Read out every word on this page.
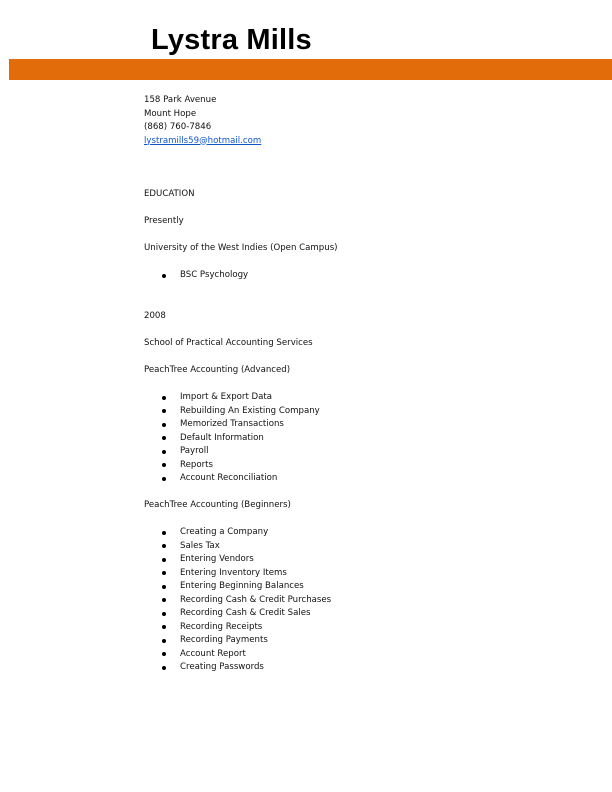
Lystra Mills
158 Park Avenue
Mount Hope
(868) 760-7846
lystramills59@hotmail.com
EDUCATION
Presently
University of the West Indies (Open Campus)
BSC Psychology
2008
School of Practical Accounting Services
PeachTree Accounting (Advanced)
Import & Export Data
Rebuilding An Existing Company
Memorized Transactions
Default Information
Payroll
Reports
Account Reconciliation
PeachTree Accounting (Beginners)
Creating a Company
Sales Tax
Entering Vendors
Entering Inventory Items
Entering Beginning Balances
Recording Cash & Credit Purchases
Recording Cash & Credit Sales
Recording Receipts
Recording Payments
Account Report
Creating Passwords
